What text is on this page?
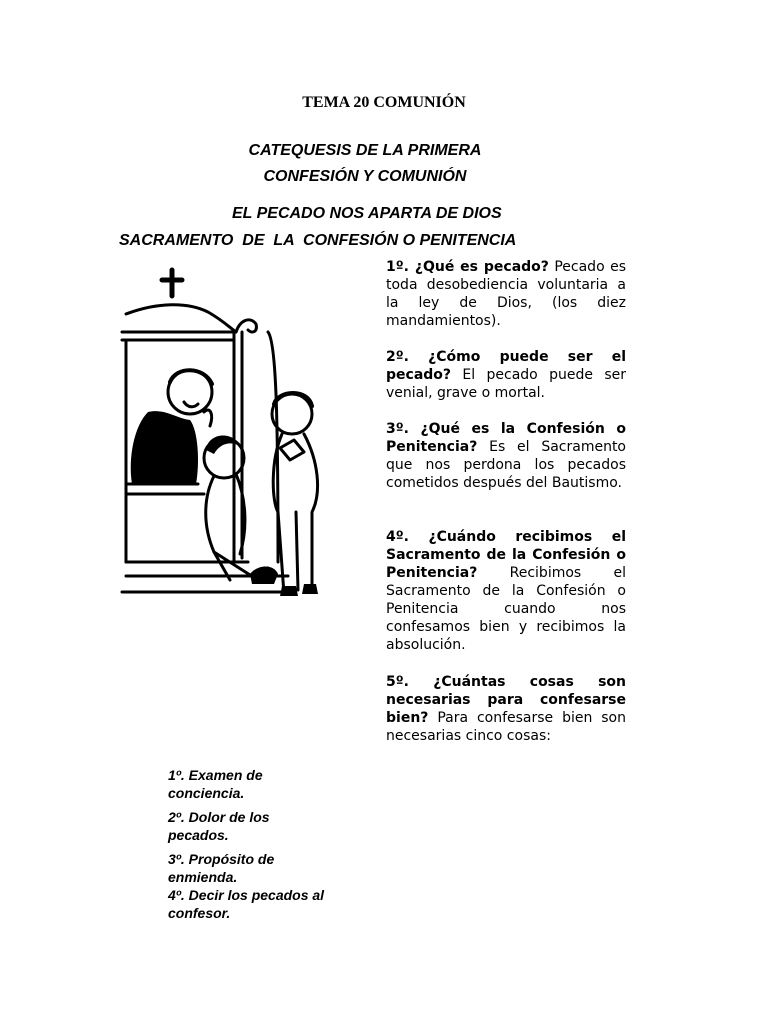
TEMA 20 COMUNIÓN
CATEQUESIS DE LA PRIMERA
CONFESIÓN Y COMUNIÓN
EL PECADO NOS APARTA DE DIOS
SACRAMENTO  DE  LA  CONFESIÓN O PENITENCIA

1º. ¿Qué es pecado? Pecado es toda desobediencia voluntaria a la ley de Dios, (los diez mandamientos).

2º. ¿Cómo puede ser el pecado? El pecado puede ser venial, grave o mortal.

3º. ¿Qué es la Confesión o Penitencia? Es el Sacramento que nos perdona los pecados cometidos después del Bautismo.

4º. ¿Cuándo recibimos el Sacramento de la Confesión o Penitencia? Recibimos el Sacramento de la Confesión o Penitencia cuando nos confesamos bien y recibimos la absolución.

5º. ¿Cuántas cosas son necesarias para confesarse bien? Para confesarse bien son necesarias cinco cosas:

1º. Examen de
conciencia.

2º. Dolor de los
pecados.

3º. Propósito de
enmienda.

4º. Decir los pecados al
confesor.
